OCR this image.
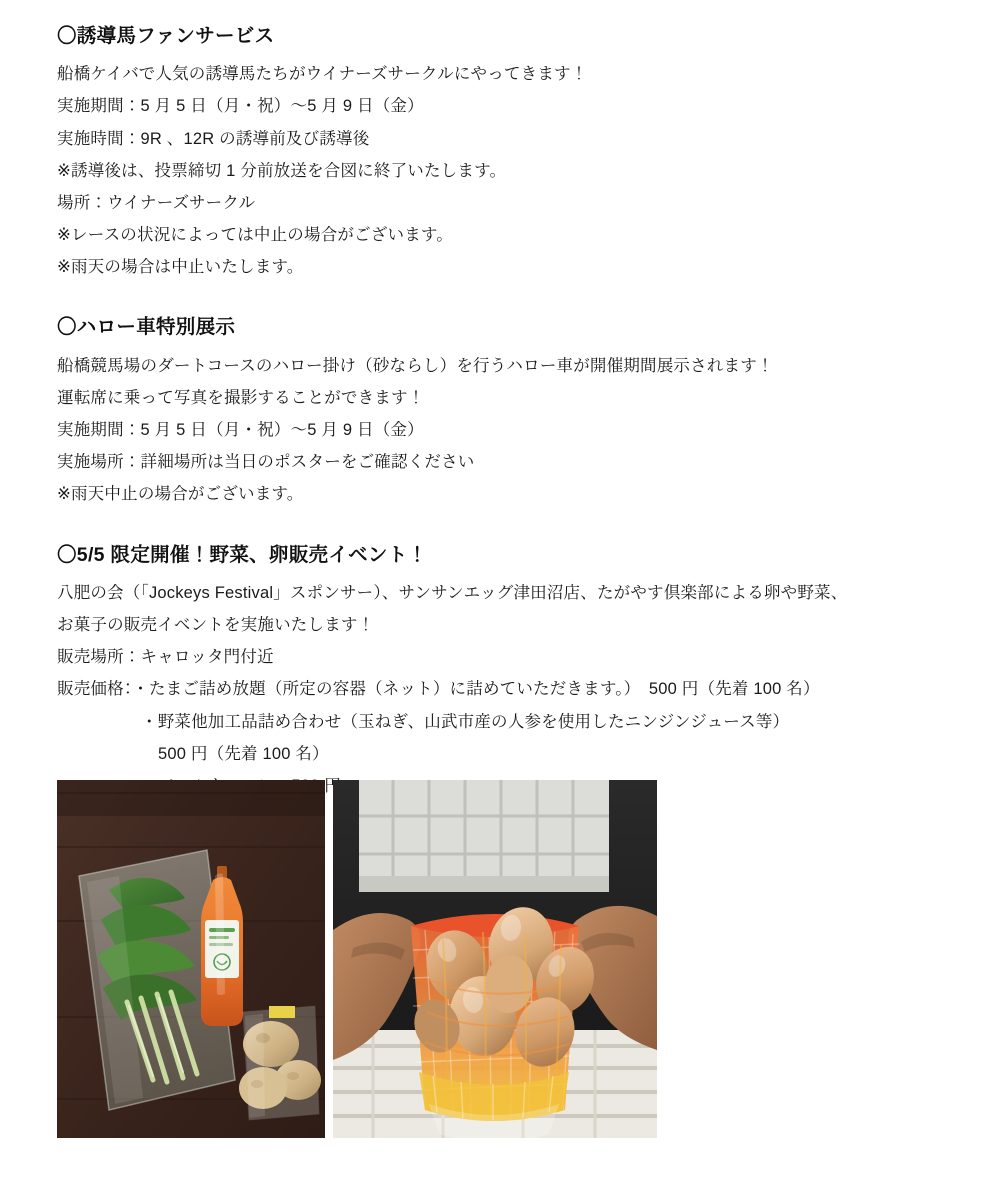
〇誘導馬ファンサービス

船橋ケイバで人気の誘導馬たちがウイナーズサークルにやってきます！

実施期間：5 月 5 日（月・祝）～5 月 9 日（金）

実施時間：9R 、12R の誘導前及び誘導後

※誘導後は、投票締切 1 分前放送を合図に終了いたします。

場所：ウイナーズサークル

※レースの状況によっては中止の場合がございます。

※雨天の場合は中止いたします。

〇ハロー車特別展示

船橋競馬場のダートコースのハロー掛け（砂ならし）を行うハロー車が開催期間展示されます！

運転席に乗って写真を撮影することができます！

実施期間：5 月 5 日（月・祝）～5 月 9 日（金）

実施場所：詳細場所は当日のポスターをご確認ください

※雨天中止の場合がございます。

〇5/5 限定開催！野菜、卵販売イベント！

八肥の会（「Jockeys Festival」スポンサー）、サンサンエッグ津田沼店、たがやす倶楽部による卵や野菜、

お菓子の販売イベントを実施いたします！

販売場所：キャロッタ門付近

販売価格：・たまご詰め放題（所定の容器（ネット）に詰めていただきます。）　500 円（先着 100 名）

・野菜他加工品詰め合わせ（玉ねぎ、山武市産の人参を使用したニンジンジュース等）

500 円（先着 100 名）
